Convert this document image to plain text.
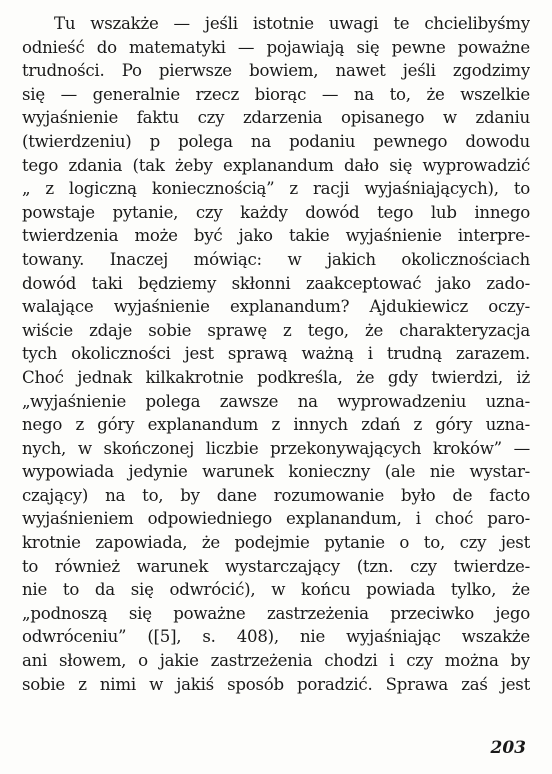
Tu wszakże — jeśli istotnie uwagi te chcielibyśmy
odnieść do matematyki — pojawiają się pewne poważne
trudności. Po pierwsze bowiem, nawet jeśli zgodzimy
się — generalnie rzecz biorąc — na to, że wszelkie
wyjaśnienie faktu czy zdarzenia opisanego w zdaniu
(twierdzeniu) p polega na podaniu pewnego dowodu
tego zdania (tak żeby explanandum dało się wyprowadzić
„ z logiczną koniecznością” z racji wyjaśniających), to
powstaje pytanie, czy każdy dowód tego lub innego
twierdzenia może być jako takie wyjaśnienie interpre-
towany. Inaczej mówiąc: w jakich okolicznościach
dowód taki będziemy skłonni zaakceptować jako zado-
walające wyjaśnienie explanandum? Ajdukiewicz oczy-
wiście zdaje sobie sprawę z tego, że charakteryzacja
tych okoliczności jest sprawą ważną i trudną zarazem.
Choć jednak kilkakrotnie podkreśla, że gdy twierdzi, iż
„wyjaśnienie polega zawsze na wyprowadzeniu uzna-
nego z góry explanandum z innych zdań z góry uzna-
nych, w skończonej liczbie przekonywających kroków” —
wypowiada jedynie warunek konieczny (ale nie wystar-
czający) na to, by dane rozumowanie było de facto
wyjaśnieniem odpowiedniego explanandum, i choć paro-
krotnie zapowiada, że podejmie pytanie o to, czy jest
to również warunek wystarczający (tzn. czy twierdze-
nie to da się odwrócić), w końcu powiada tylko, że
„podnoszą się poważne zastrzeżenia przeciwko jego
odwróceniu” ([5], s. 408), nie wyjaśniając wszakże
ani słowem, o jakie zastrzeżenia chodzi i czy można by
sobie z nimi w jakiś sposób poradzić. Sprawa zaś jest
203
